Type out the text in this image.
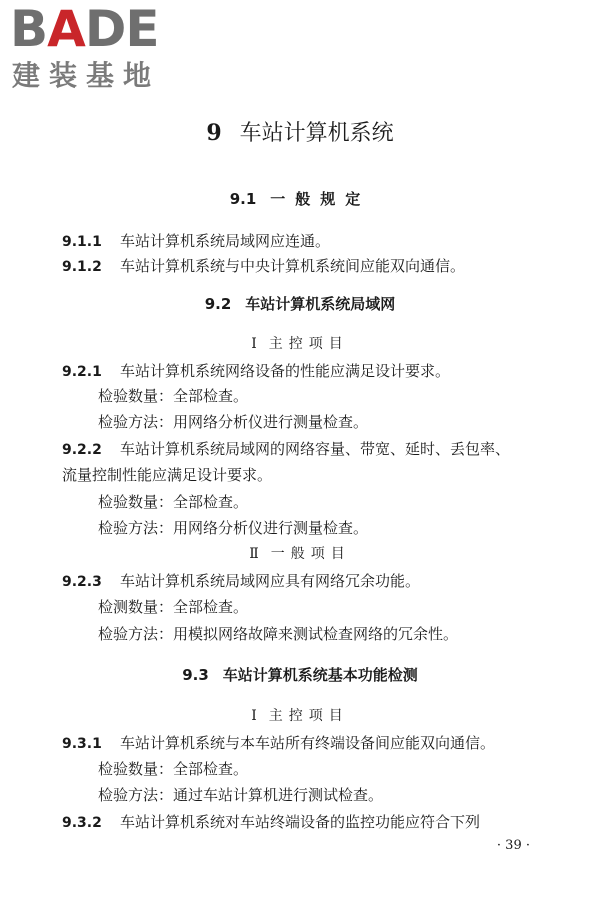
BADE
建装基地
9 车站计算机系统
9.1 一般规定
9.1.1 车站计算机系统局域网应连通。
9.1.2 车站计算机系统与中央计算机系统间应能双向通信。
9.2 车站计算机系统局域网
Ⅰ 主控项目
9.2.1 车站计算机系统网络设备的性能应满足设计要求。
检验数量：全部检查。
检验方法：用网络分析仪进行测量检查。
9.2.2 车站计算机系统局域网的网络容量、带宽、延时、丢包率、
流量控制性能应满足设计要求。
检验数量：全部检查。
检验方法：用网络分析仪进行测量检查。
Ⅱ 一般项目
9.2.3 车站计算机系统局域网应具有网络冗余功能。
检测数量：全部检查。
检验方法：用模拟网络故障来测试检查网络的冗余性。
9.3 车站计算机系统基本功能检测
Ⅰ 主控项目
9.3.1 车站计算机系统与本车站所有终端设备间应能双向通信。
检验数量：全部检查。
检验方法：通过车站计算机进行测试检查。
9.3.2 车站计算机系统对车站终端设备的监控功能应符合下列
· 39 ·
